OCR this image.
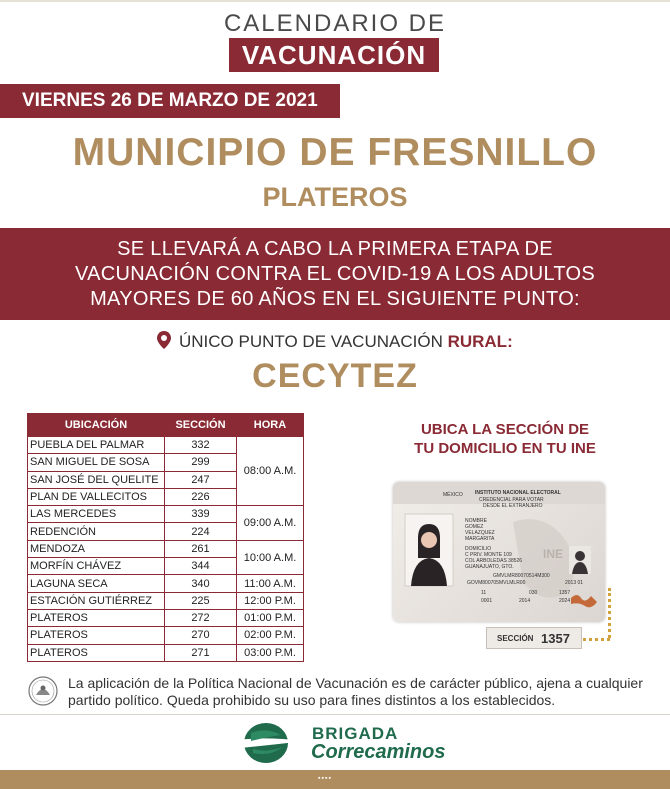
CALENDARIO DE
VACUNACIÓN
VIERNES 26 DE MARZO DE 2021
MUNICIPIO DE FRESNILLO
PLATEROS
SE LLEVARÁ A CABO LA PRIMERA ETAPA DE
VACUNACIÓN CONTRA EL COVID-19 A LOS ADULTOS
MAYORES DE 60 AÑOS EN EL SIGUIENTE PUNTO:
ÚNICO PUNTO DE VACUNACIÓN RURAL:
CECYTEZ
UBICACIÓN	SECCIÓN	HORA
PUEBLA DEL PALMAR	332	08:00 A.M.
SAN MIGUEL DE SOSA	299	
SAN JOSÉ DEL QUELITE	247	
PLAN DE VALLECITOS	226	
LAS MERCEDES	339	09:00 A.M.
REDENCIÓN	224	
MENDOZA	261	10:00 A.M.
MORFÍN CHÁVEZ	344	
LAGUNA SECA	340	11:00 A.M.
ESTACIÓN GUTIÉRREZ	225	12:00 P.M.
PLATEROS	272	01:00 P.M.
PLATEROS	270	02:00 P.M.
PLATEROS	271	03:00 P.M.
UBICA LA SECCIÓN DE
TU DOMICILIO EN TU INE
MÉXICO INSTITUTO NACIONAL ELECTORAL
CREDENCIAL PARA VOTAR
DESDE EL EXTRANJERO
NOMBRE
GOMEZ
VELAZQUEZ
MARGARITA
DOMICILIO
C PRIV. MONTE 109
COL ARBOLEDAS 38526
GUANAJUATO, GTO.
GMVLMR80070514M300
GOVM800705MVLMLR00	2013 01
11	030	1357
0001	2014	2024
INE
SECCIÓN 1357
La aplicación de la Política Nacional de Vacunación es de carácter público, ajena a cualquier partido político. Queda prohibido su uso para fines distintos a los establecidos.
BRIGADA
Correcaminos
▪▪▪▪
